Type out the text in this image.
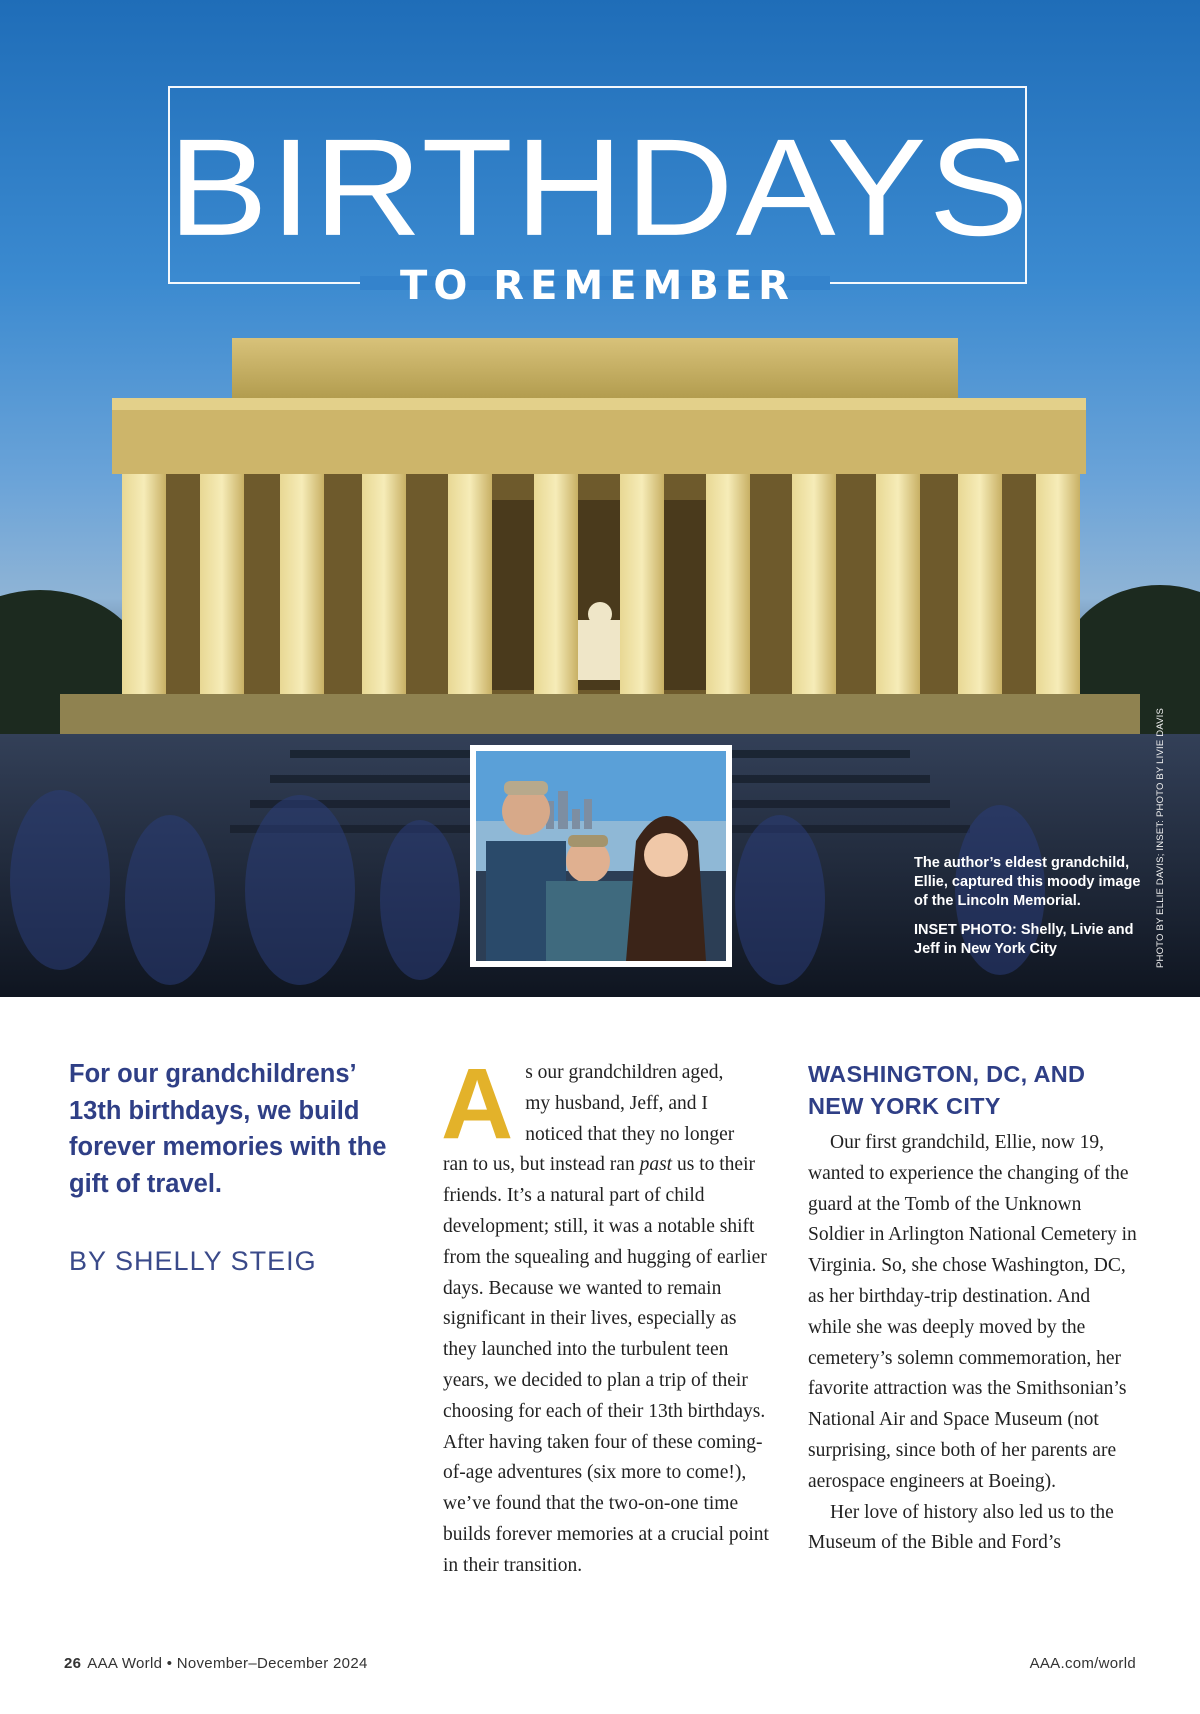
BIRTHDAYS
TO REMEMBER

The author’s eldest grandchild, Ellie, captured this moody image of the Lincoln Memorial.

INSET PHOTO: Shelly, Livie and Jeff in New York City	PHOTO BY ELLIE DAVIS; INSET: PHOTO BY LIVIE DAVIS

For our grandchildrens’ 13th birthdays, we build forever memories with the gift of travel.

BY SHELLY STEIG
A s our grandchildren aged,
my husband, Jeff, and I
noticed that they no longer

ran to us, but instead ran past us to their friends. It’s a natural part of child development; still, it was a notable shift from the squealing and hugging of earlier days. Because we wanted to remain significant in their lives, especially as they launched into the turbulent teen years, we decided to plan a trip of their choosing for each of their 13th birthdays. After having taken four of these coming-of-age adventures (six more to come!), we’ve found that the two-on-one time builds forever memories at a crucial point in their transition.

WASHINGTON, DC, AND NEW YORK CITY

Our first grandchild, Ellie, now 19, wanted to experience the changing of the guard at the Tomb of the Unknown Soldier in Arlington National Cemetery in Virginia. So, she chose Washington, DC, as her birthday-trip destination. And while she was deeply moved by the cemetery’s solemn commemoration, her favorite attraction was the Smithsonian’s National Air and Space Museum (not surprising, since both of her parents are aerospace engineers at Boeing).

Her love of history also led us to the Museum of the Bible and Ford’s

26 AAA World • November–December 2024	AAA.com/world
